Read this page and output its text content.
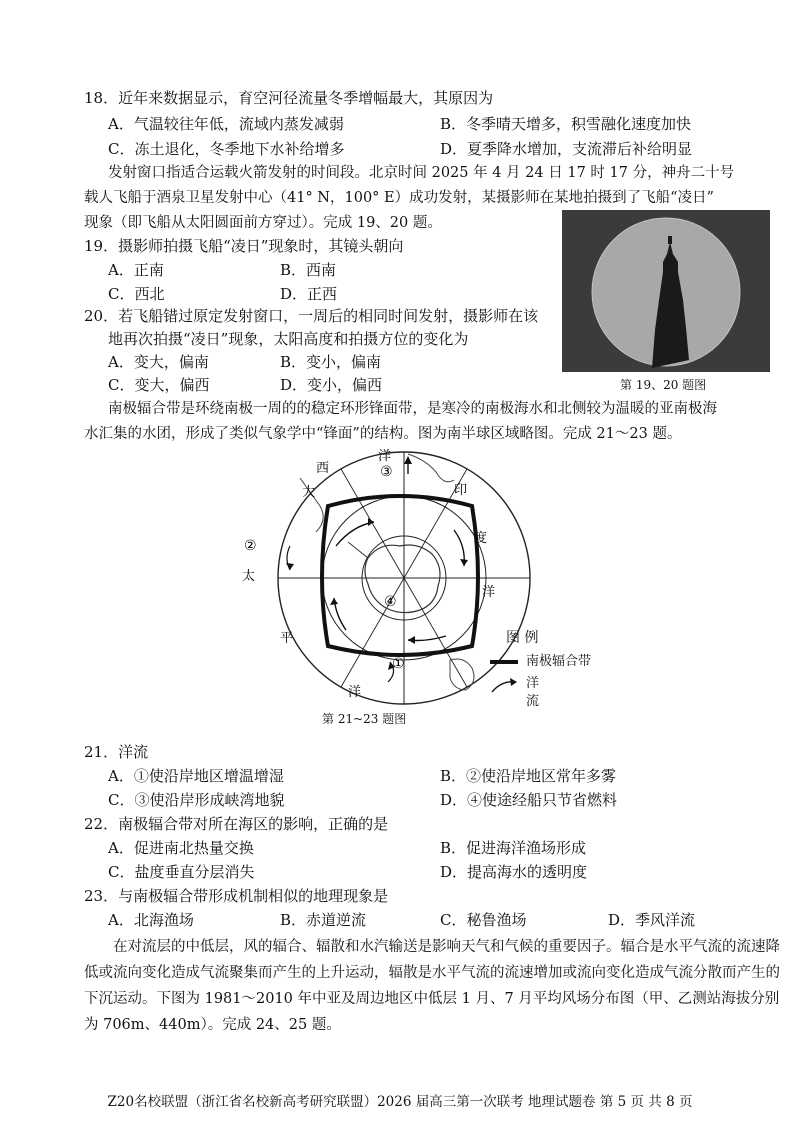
18．近年来数据显示，育空河径流量冬季增幅最大，其原因为
A．气温较往年低，流域内蒸发减弱	B．冬季晴天增多，积雪融化速度加快
C．冻土退化，冬季地下水补给增多	D．夏季降水增加，支流滞后补给明显
发射窗口指适合运载火箭发射的时间段。北京时间 2025 年 4 月 24 日 17 时 17 分，神舟二十号
载人飞船于酒泉卫星发射中心（41° N，100° E）成功发射，某摄影师在某地拍摄到了飞船“凌日”
现象（即飞船从太阳圆面前方穿过）。完成 19、20 题。
19．摄影师拍摄飞船“凌日”现象时，其镜头朝向
A．正南	B．西南
C．西北	D．正西
20．若飞船错过原定发射窗口，一周后的相同时间发射，摄影师在该
地再次拍摄“凌日”现象，太阳高度和拍摄方位的变化为
A．变大，偏南	B．变小，偏南
C．变大，偏西	D．变小，偏西	第 19、20 题图
南极辐合带是环绕南极一周的的稳定环形锋面带，是寒冷的南极海水和北侧较为温暖的亚南极海
水汇集的水团，形成了类似气象学中“锋面”的结构。图为南半球区域略图。完成 21～23 题。
西
洋
大	印
度
洋
太
平
洋
①
②
③
④
图 例
南极辐合带
洋
流
第 21~23 题图
21．洋流
A．①使沿岸地区增温增湿	B．②使沿岸地区常年多雾
C．③使沿岸形成峡湾地貌	D．④使途经船只节省燃料
22．南极辐合带对所在海区的影响，正确的是
A．促进南北热量交换	B．促进海洋渔场形成
C．盐度垂直分层消失	D．提高海水的透明度
23．与南极辐合带形成机制相似的地理现象是
A．北海渔场	B．赤道逆流	C．秘鲁渔场	D．季风洋流

在对流层的中低层，风的辐合、辐散和水汽输送是影响天气和气候的重要因子。辐合是水平气流的流速降低或流向变化造成气流聚集而产生的上升运动，辐散是水平气流的流速增加或流向变化造成气流分散而产生的下沉运动。下图为 1981～2010 年中亚及周边地区中低层 1 月、7 月平均风场分布图（甲、乙测站海拔分别为 706m、440m）。完成 24、25 题。

Z20名校联盟（浙江省名校新高考研究联盟）2026 届高三第一次联考 地理试题卷 第 5 页 共 8 页
